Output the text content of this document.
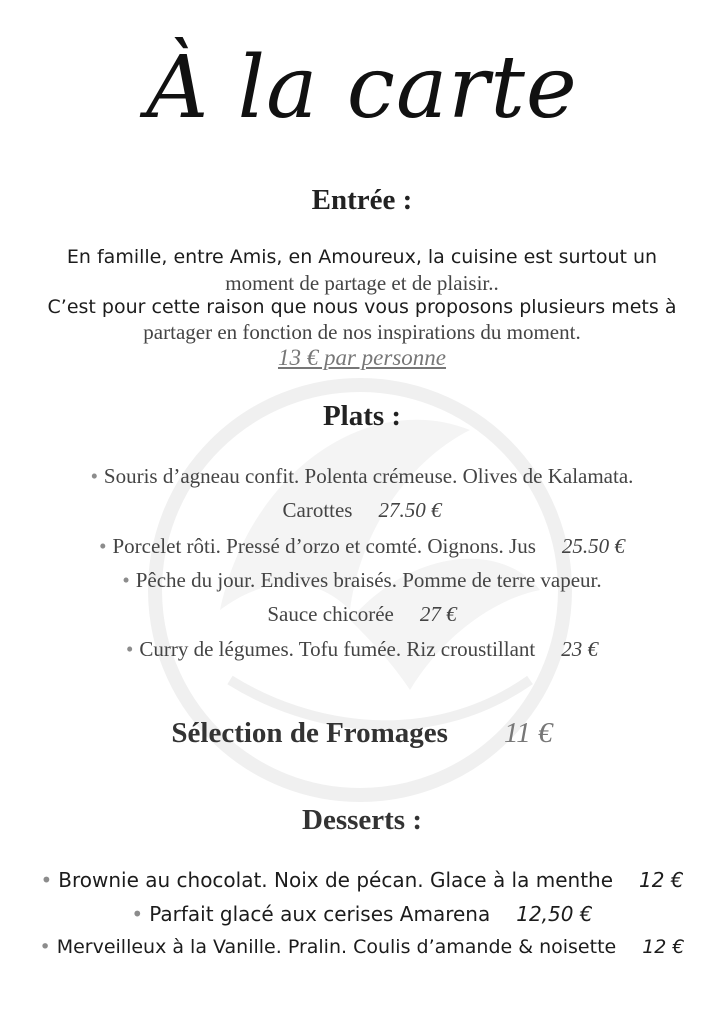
À la carte
Entrée :
En famille, entre Amis, en Amoureux, la cuisine est surtout un
moment de partage et de plaisir..
C’est pour cette raison que nous vous proposons plusieurs mets à
partager en fonction de nos inspirations du moment.
13 € par personne
Plats :
• Souris d’agneau confit. Polenta crémeuse. Olives de Kalamata.
Carottes 27.50 €
• Porcelet rôti. Pressé d’orzo et comté. Oignons. Jus 25.50 €
• Pêche du jour. Endives braisés. Pomme de terre vapeur.
Sauce chicorée 27 €
• Curry de légumes. Tofu fumée. Riz croustillant 23 €
Sélection de Fromages 11 €
Desserts :
• Brownie au chocolat. Noix de pécan. Glace à la menthe 12 €
• Parfait glacé aux cerises Amarena 12,50 €
• Merveilleux à la Vanille. Pralin. Coulis d’amande & noisette 12 €
